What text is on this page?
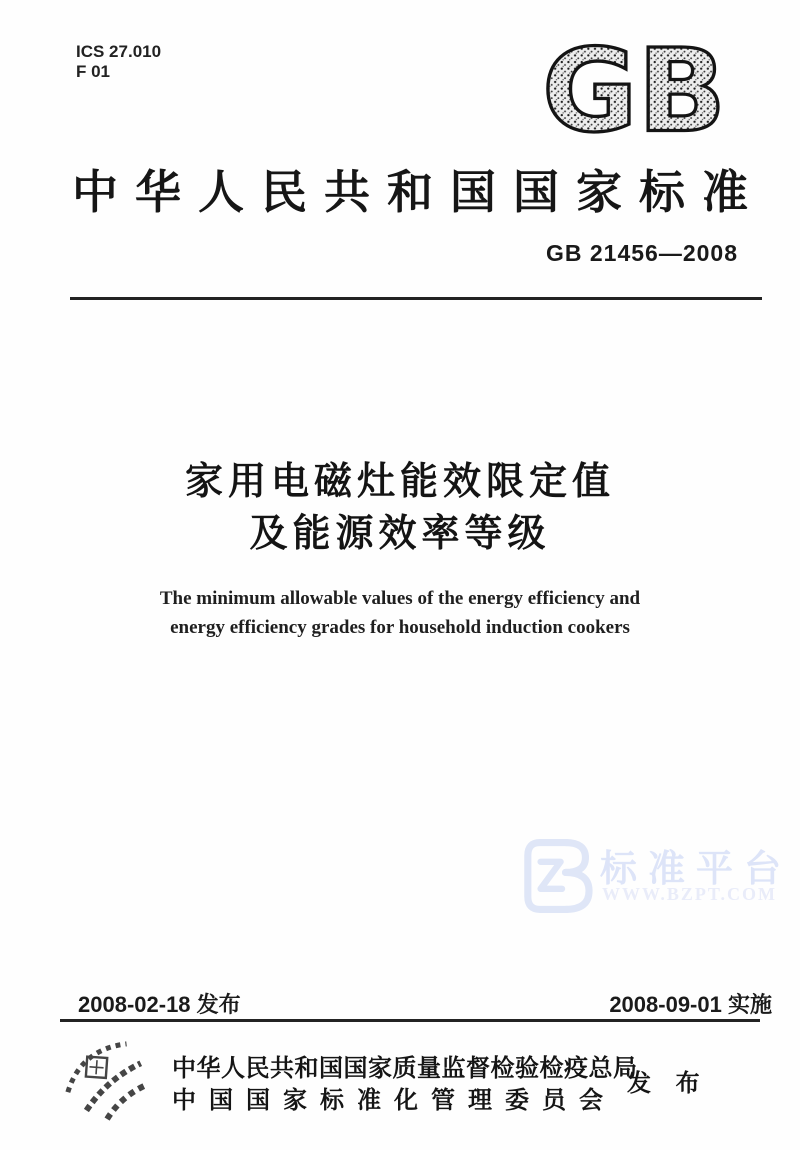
ICS 27.010
F 01	GB
中华人民共和国国家标准
GB 21456—2008
家用电磁灶能效限定值
及能源效率等级
The minimum allowable values of the energy efficiency and
energy efficiency grades for household induction cookers
标准平台
WWW.BZPT.COM
2008-02-18 发布	2008-09-01 实施
中华人民共和国国家质量监督检验检疫总局
中国国家标准化管理委员会
发 布
